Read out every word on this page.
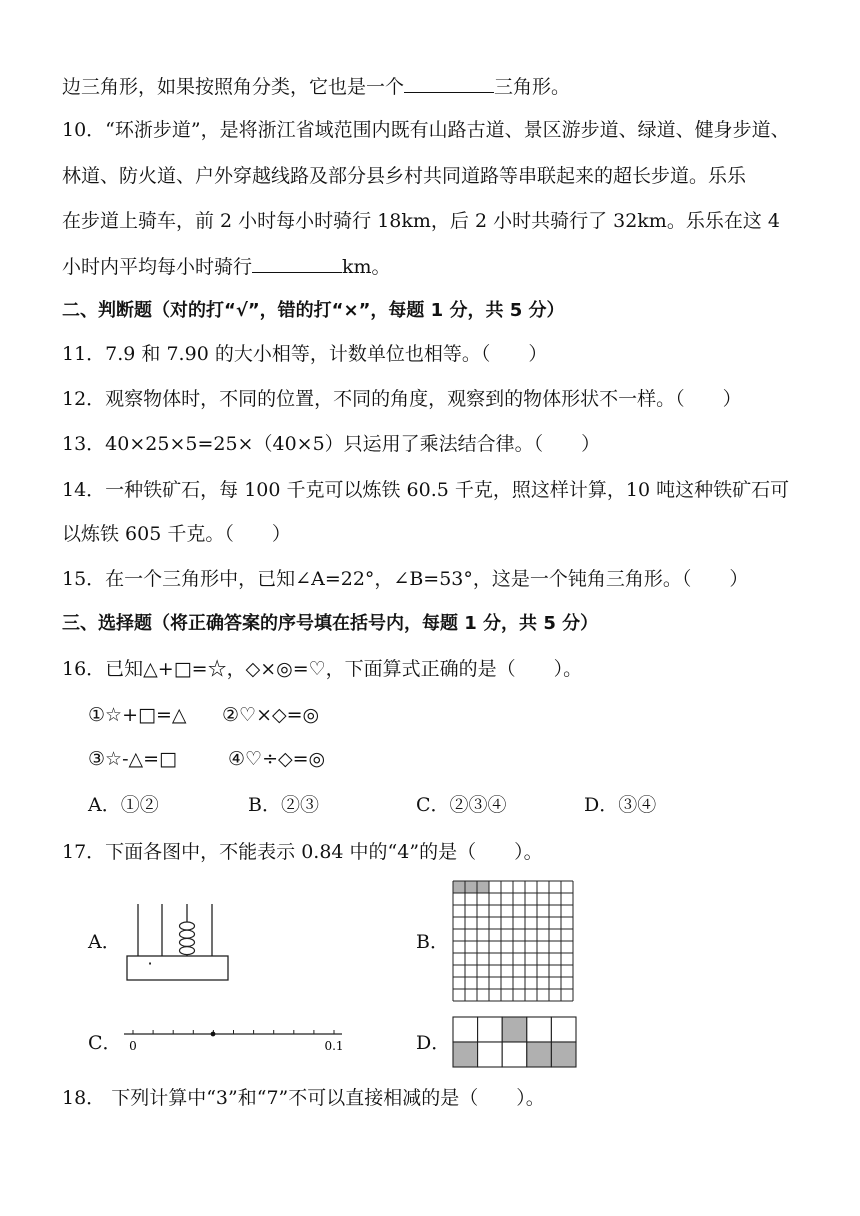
边三角形，如果按照角分类，它也是一个	三角形。
10．“环浙步道”，是将浙江省域范围内既有山路古道、景区游步道、绿道、健身步道、
林道、防火道、户外穿越线路及部分县乡村共同道路等串联起来的超长步道。乐乐
在步道上骑车，前 2 小时每小时骑行 18km，后 2 小时共骑行了 32km。乐乐在这 4
小时内平均每小时骑行	km。
二、判断题（对的打“√”，错的打“×”，每题 1 分，共 5 分）
11．7.9 和 7.90 的大小相等，计数单位也相等。（　　）
12．观察物体时，不同的位置，不同的角度，观察到的物体形状不一样。（　　）
13．40×25×5=25×（40×5）只运用了乘法结合律。（　　）
14．一种铁矿石，每 100 千克可以炼铁 60.5 千克，照这样计算，10 吨这种铁矿石可
以炼铁 605 千克。（　　）
15．在一个三角形中，已知∠A=22°，∠B=53°，这是一个钝角三角形。（　　）
三、选择题（将正确答案的序号填在括号内，每题 1 分，共 5 分）
16．已知△+□=☆，◇×◎=♡，下面算式正确的是（　　）。
①☆+□=△ ②♡×◇=◎
③☆-△=□	④♡÷◇=◎
A．①②	B．②③	C．②③④	D．③④
17．下面各图中，不能表示 0.84 中的“4”的是（　　）。
A．
·
B．
C． 0	0.1	D．
18． 下列计算中“3”和“7”不可以直接相减的是（　　）。
